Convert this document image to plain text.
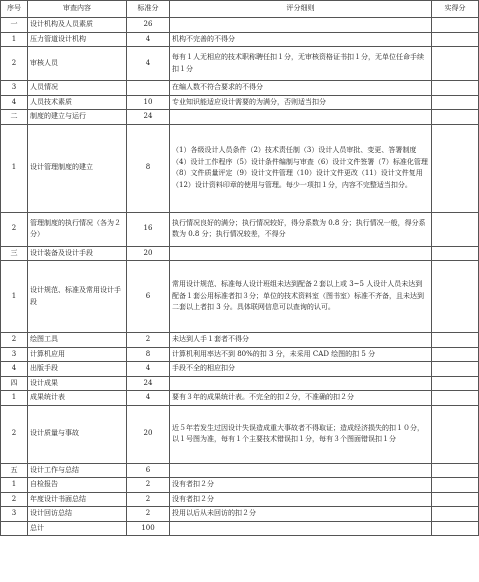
序号	审查内容	标准分	评分细则	实得分
一	设计机构及人员素质	26		
1	压力管道设计机构	4	机构不完善的不得分	
2	审核人员	4	每有１人无相应的技术职称聘任扣１分，无审核资格证书扣１分，无单位任命手续扣１分	
3	人员情况		在编人数不符合要求的不得分	
4	人员技术素质	10	专业知识能适应设计需要的为满分，否则适当扣分	
二	制度的建立与运行	24		
1	设计管理制度的建立	8	（1）各级设计人员条件（2）技术责任制（3）设计人员审批、变更、答署制度（4）设计工作程序（5）设计条件编制与审查（6）设计文件签署（7）标准化管理（8）文件质量评定（9）设计文件管理（10）设计文件更改（11）设计文件复用（12）设计资料印章的使用与管理。每少一项扣１分，内容不完整适当扣分。	
2	管理制度的执行情况（各为２分）	16	执行情况良好的满分；执行情况较好，得分系数为 0.8 分；执行情况一般，得分系数为 0.8 分；执行情况较差，不得分	
三	设计装备及设计手段	20		
1	设计规范、标准及常用设计手段	6	常用设计规范、标准每人设计班组未达到配备２套以上或 3~5 人设计人员未达到配备１套公用标准者扣３分；单位的技术资料室（图书室）标准不齐备，且未达到二套以上者扣 3 分。具体联网信息可以查询的认可。	
2	绘图工具	2	未达到人手１套者不得分	
3	计算机应用	8	计算机利用率达不到 80%的扣 3 分，未采用 CAD 绘图的扣 5 分	
4	出版手段	4	手段不全的相应扣分	
四	设计成果	24		
1	成果统计表	4	要有３年的成果统计表。不完全的扣２分，不准确的扣２分	
2	设计质量与事故	20	近５年若发生过因设计失误造成重大事故者不得取证；造成经济损失的扣１０分，以１号图为准，每有１个主要技术错误扣１分，每有３个图面错误扣１分	
五	设计工作与总结	6		
1	自检报告	2	没有者扣２分	
2	年度设计书面总结	2	没有者扣２分	
3	设计回访总结	2	投用以后从未回访的扣２分	
	总计	100		
